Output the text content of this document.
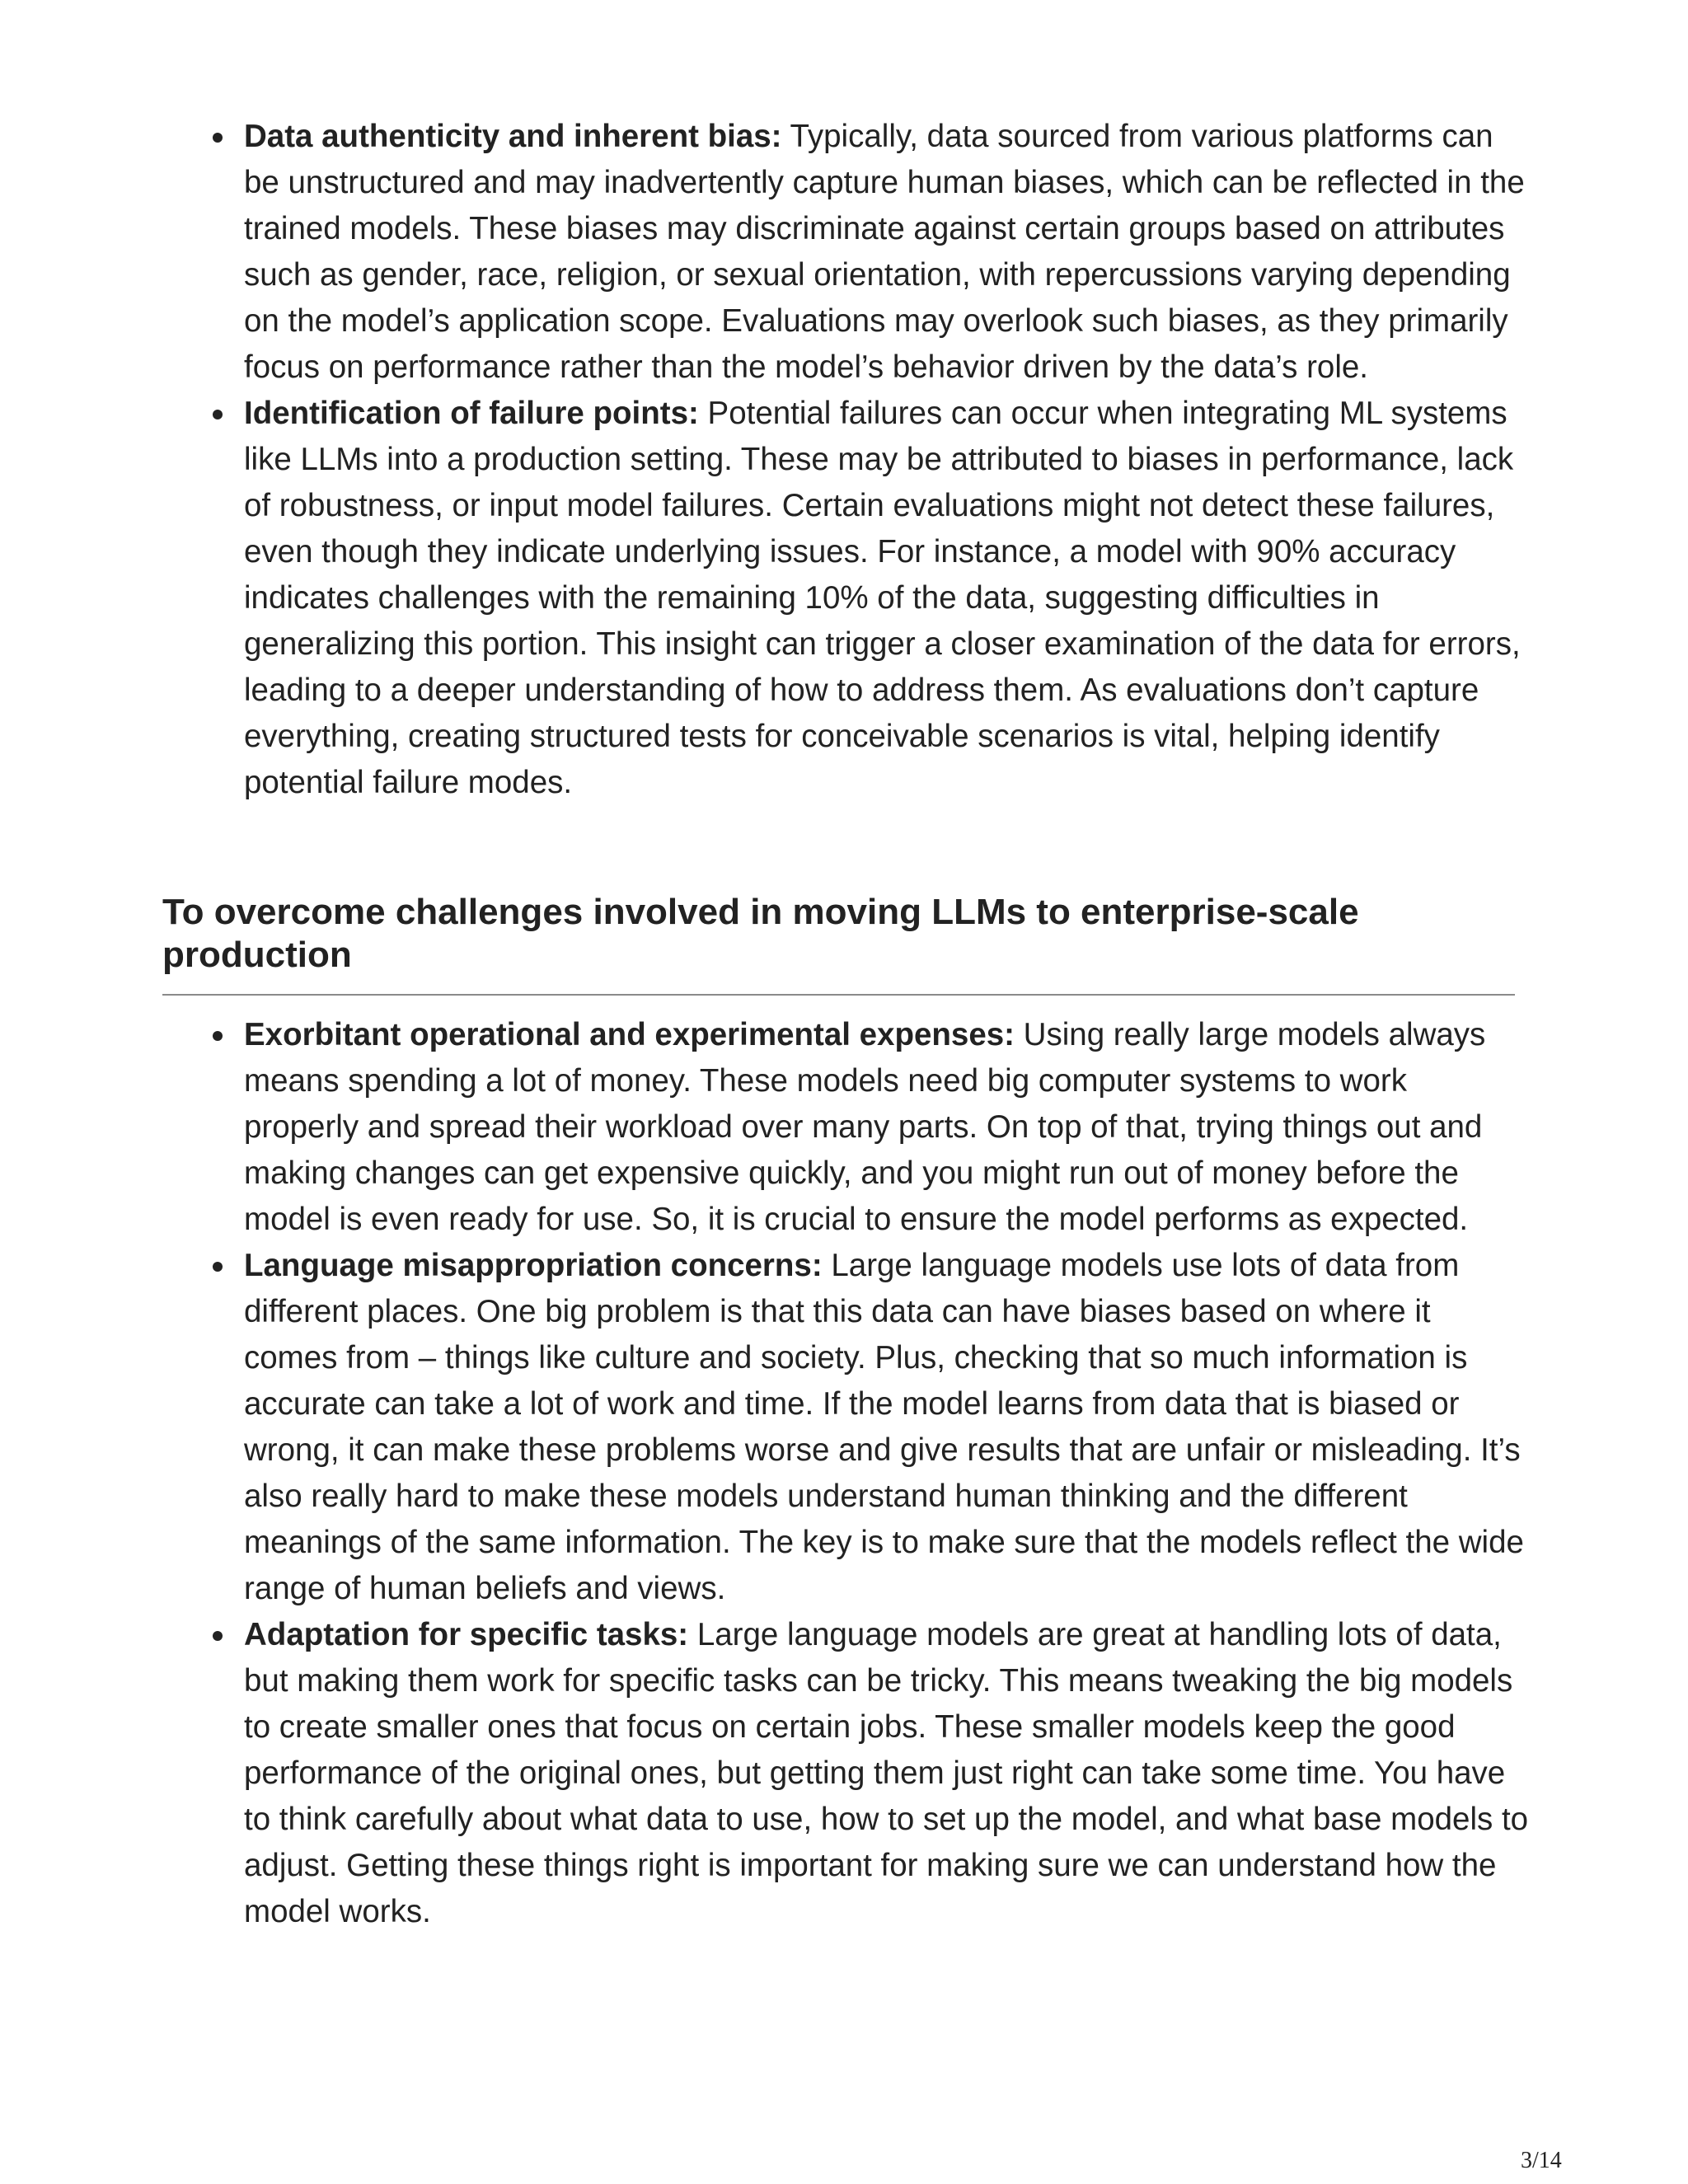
Data authenticity and inherent bias: Typically, data sourced from various platforms can be unstructured and may inadvertently capture human biases, which can be reflected in the trained models. These biases may discriminate against certain groups based on attributes such as gender, race, religion, or sexual orientation, with repercussions varying depending on the model’s application scope. Evaluations may overlook such biases, as they primarily focus on performance rather than the model’s behavior driven by the data’s role.
Identification of failure points: Potential failures can occur when integrating ML systems like LLMs into a production setting. These may be attributed to biases in performance, lack of robustness, or input model failures. Certain evaluations might not detect these failures, even though they indicate underlying issues. For instance, a model with 90% accuracy indicates challenges with the remaining 10% of the data, suggesting difficulties in generalizing this portion. This insight can trigger a closer examination of the data for errors, leading to a deeper understanding of how to address them. As evaluations don’t capture everything, creating structured tests for conceivable scenarios is vital, helping identify potential failure modes.
To overcome challenges involved in moving LLMs to enterprise-scale production
Exorbitant operational and experimental expenses: Using really large models always means spending a lot of money. These models need big computer systems to work properly and spread their workload over many parts. On top of that, trying things out and making changes can get expensive quickly, and you might run out of money before the model is even ready for use. So, it is crucial to ensure the model performs as expected.
Language misappropriation concerns: Large language models use lots of data from different places. One big problem is that this data can have biases based on where it comes from – things like culture and society. Plus, checking that so much information is accurate can take a lot of work and time. If the model learns from data that is biased or wrong, it can make these problems worse and give results that are unfair or misleading. It’s also really hard to make these models understand human thinking and the different meanings of the same information. The key is to make sure that the models reflect the wide range of human beliefs and views.
Adaptation for specific tasks: Large language models are great at handling lots of data, but making them work for specific tasks can be tricky. This means tweaking the big models to create smaller ones that focus on certain jobs. These smaller models keep the good performance of the original ones, but getting them just right can take some time. You have to think carefully about what data to use, how to set up the model, and what base models to adjust. Getting these things right is important for making sure we can understand how the model works.
3/14
